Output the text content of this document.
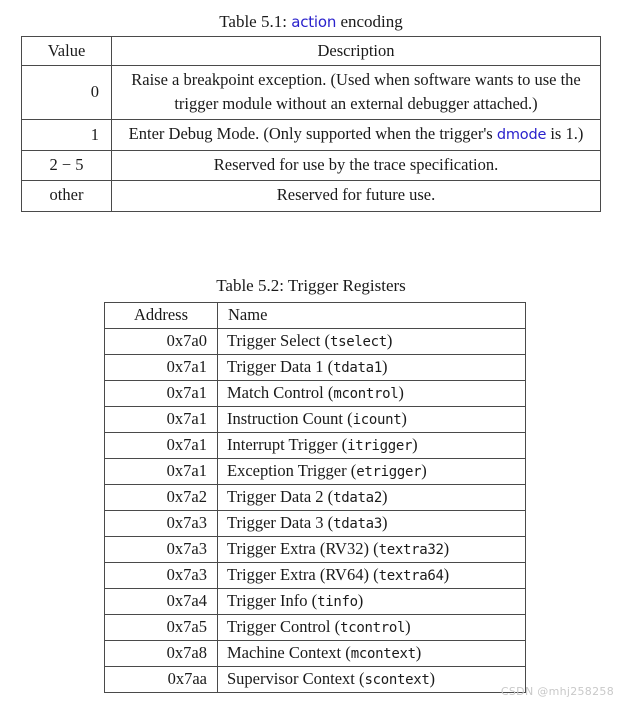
Table 5.1: action encoding
Value	Description
0	Raise a breakpoint exception. (Used when software wants to use the trigger module without an external debugger attached.)
1	Enter Debug Mode. (Only supported when the trigger's dmode is 1.)
2 − 5	Reserved for use by the trace specification.
other	Reserved for future use.
Table 5.2: Trigger Registers
Address	Name
0x7a0	Trigger Select (tselect)
0x7a1	Trigger Data 1 (tdata1)
0x7a1	Match Control (mcontrol)
0x7a1	Instruction Count (icount)
0x7a1	Interrupt Trigger (itrigger)
0x7a1	Exception Trigger (etrigger)
0x7a2	Trigger Data 2 (tdata2)
0x7a3	Trigger Data 3 (tdata3)
0x7a3	Trigger Extra (RV32) (textra32)
0x7a3	Trigger Extra (RV64) (textra64)
0x7a4	Trigger Info (tinfo)
0x7a5	Trigger Control (tcontrol)
0x7a8	Machine Context (mcontext)
0x7aa	Supervisor Context (scontext)
CSDN @mhj258258
